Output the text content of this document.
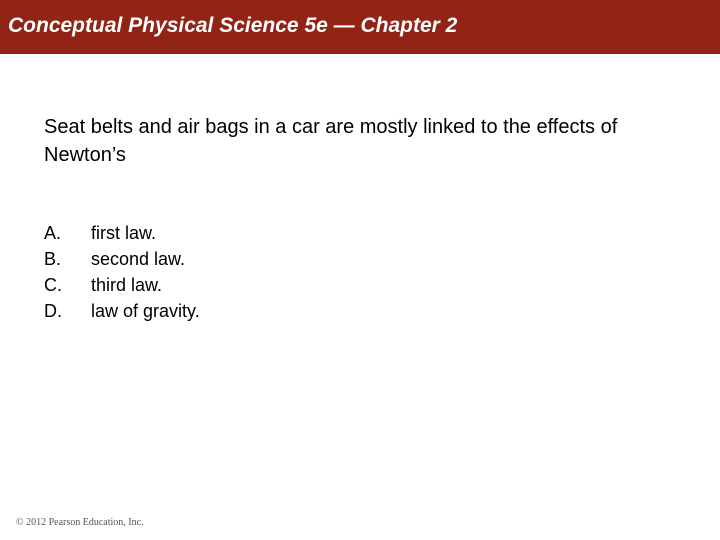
Conceptual Physical Science 5e — Chapter 2
Seat belts and air bags in a car are mostly linked to the effects of Newton’s
A.	first law.
B.	second law.
C.	third law.
D.	law of gravity.
© 2012 Pearson Education, Inc.
